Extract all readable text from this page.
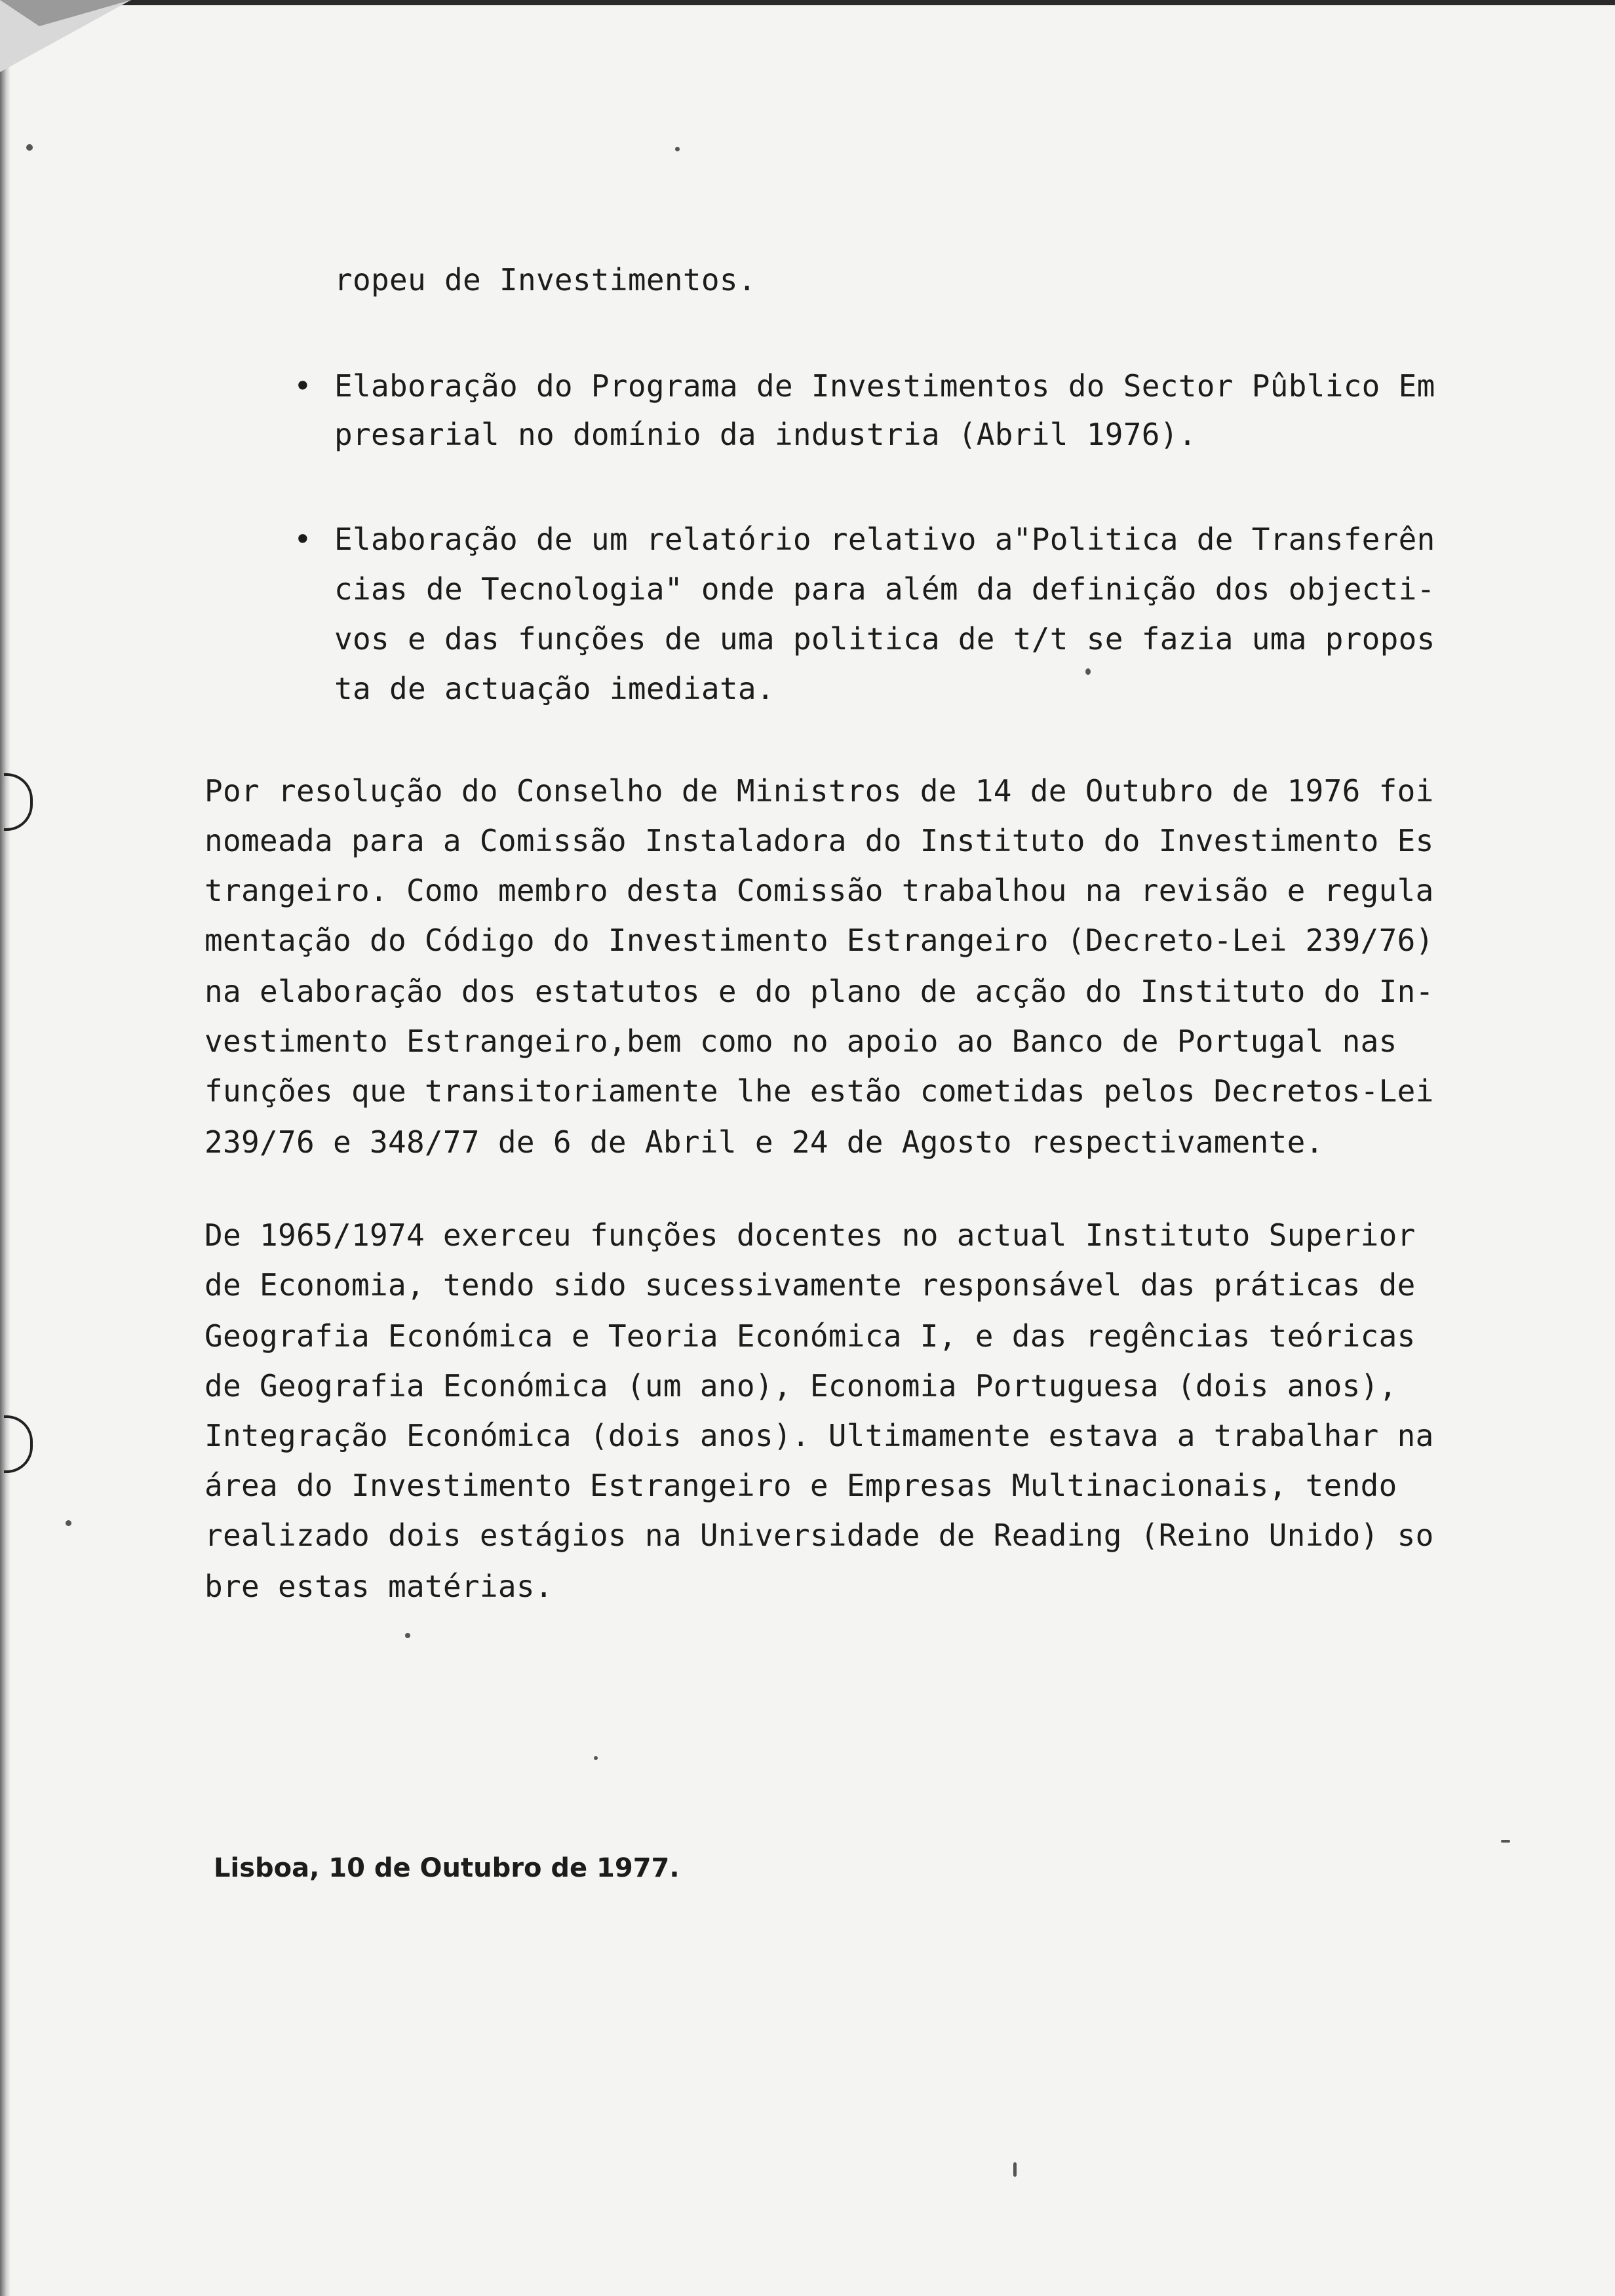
ropeu de Investimentos.
• Elaboração do Programa de Investimentos do Sector Pûblico Em
presarial no domínio da industria (Abril 1976).
• Elaboração de um relatório relativo a"Politica de Transferên
cias de Tecnologia" onde para além da definição dos objecti-
vos e das funções de uma politica de t/t se fazia uma propos
ta de actuação imediata.
Por resolução do Conselho de Ministros de 14 de Outubro de 1976 foi
nomeada para a Comissão Instaladora do Instituto do Investimento Es
trangeiro. Como membro desta Comissão trabalhou na revisão e regula
mentação do Código do Investimento Estrangeiro (Decreto-Lei 239/76)
na elaboração dos estatutos e do plano de acção do Instituto do In-
vestimento Estrangeiro,bem como no apoio ao Banco de Portugal nas
funções que transitoriamente lhe estão cometidas pelos Decretos-Lei
239/76 e 348/77 de 6 de Abril e 24 de Agosto respectivamente.
De 1965/1974 exerceu funções docentes no actual Instituto Superior
de Economia, tendo sido sucessivamente responsável das práticas de
Geografia Económica e Teoria Económica I, e das regências teóricas
de Geografia Económica (um ano), Economia Portuguesa (dois anos),
Integração Económica (dois anos). Ultimamente estava a trabalhar na
área do Investimento Estrangeiro e Empresas Multinacionais, tendo
realizado dois estágios na Universidade de Reading (Reino Unido) so
bre estas matérias.
Lisboa, 10 de Outubro de 1977.
